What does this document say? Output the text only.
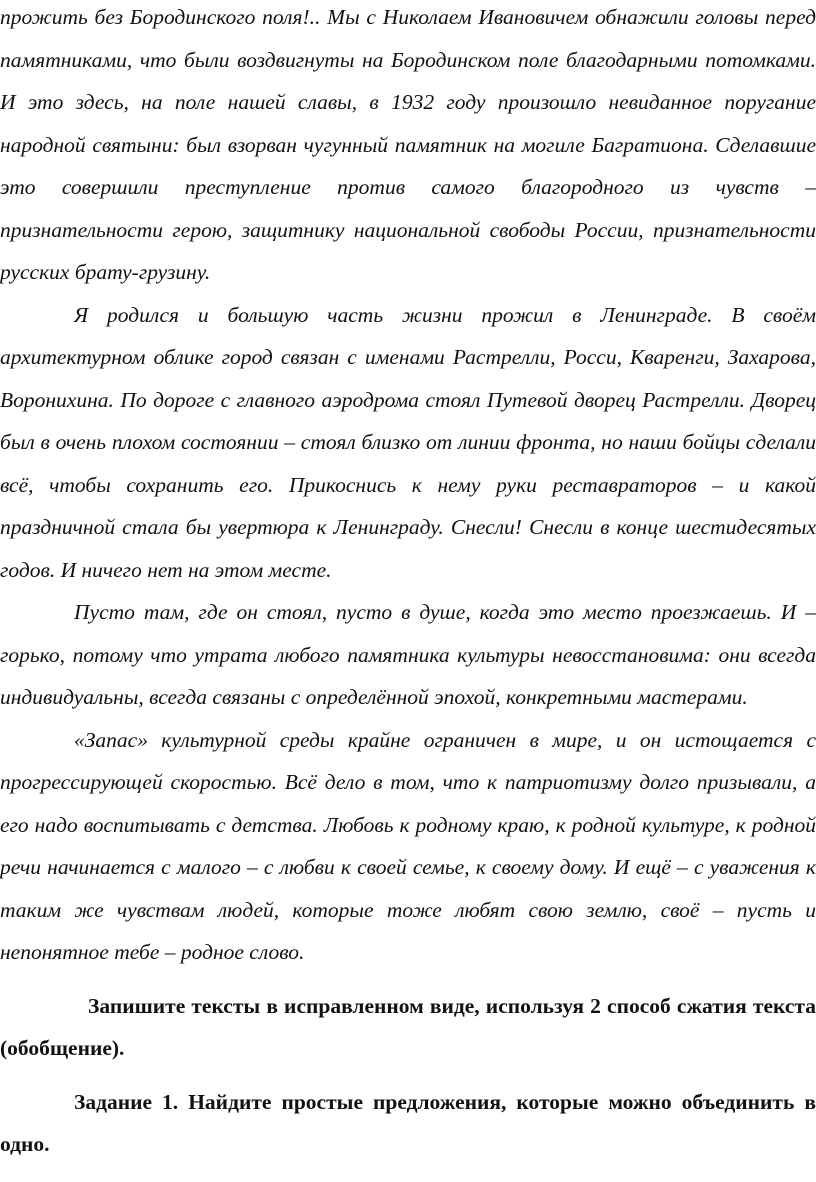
прожить без Бородинского поля!.. Мы с Николаем Ивановичем обнажили головы перед памятниками, что были воздвигнуты на Бородинском поле благодарными потомками. И это здесь, на поле нашей славы, в 1932 году произошло невиданное поругание народной святыни: был взорван чугунный памятник на могиле Багратиона. Сделавшие это совершили преступление против самого благородного из чувств – признательности герою, защитнику национальной свободы России, признательности русских брату-грузину.

Я родился и большую часть жизни прожил в Ленинграде. В своём архитектурном облике город связан с именами Растрелли, Росси, Кваренги, Захарова, Воронихина. По дороге с главного аэродрома стоял Путевой дворец Растрелли. Дворец был в очень плохом состоянии – стоял близко от линии фронта, но наши бойцы сделали всё, чтобы сохранить его. Прикоснись к нему руки реставраторов – и какой праздничной стала бы увертюра к Ленинграду. Снесли! Снесли в конце шестидесятых годов. И ничего нет на этом месте.

Пусто там, где он стоял, пусто в душе, когда это место проезжаешь. И – горько, потому что утрата любого памятника культуры невосстановима: они всегда индивидуальны, всегда связаны с определённой эпохой, конкретными мастерами.

«Запас» культурной среды крайне ограничен в мире, и он истощается с прогрессирующей скоростью. Всё дело в том, что к патриотизму долго призывали, а его надо воспитывать с детства. Любовь к родному краю, к родной культуре, к родной речи начинается с малого – с любви к своей семье, к своему дому. И ещё – с уважения к таким же чувствам людей, которые тоже любят свою землю, своё – пусть и непонятное тебе – родное слово.

Запишите тексты в исправленном виде, используя 2 способ сжатия текста (обобщение).

Задание 1. Найдите простые предложения, которые можно объединить в одно.
